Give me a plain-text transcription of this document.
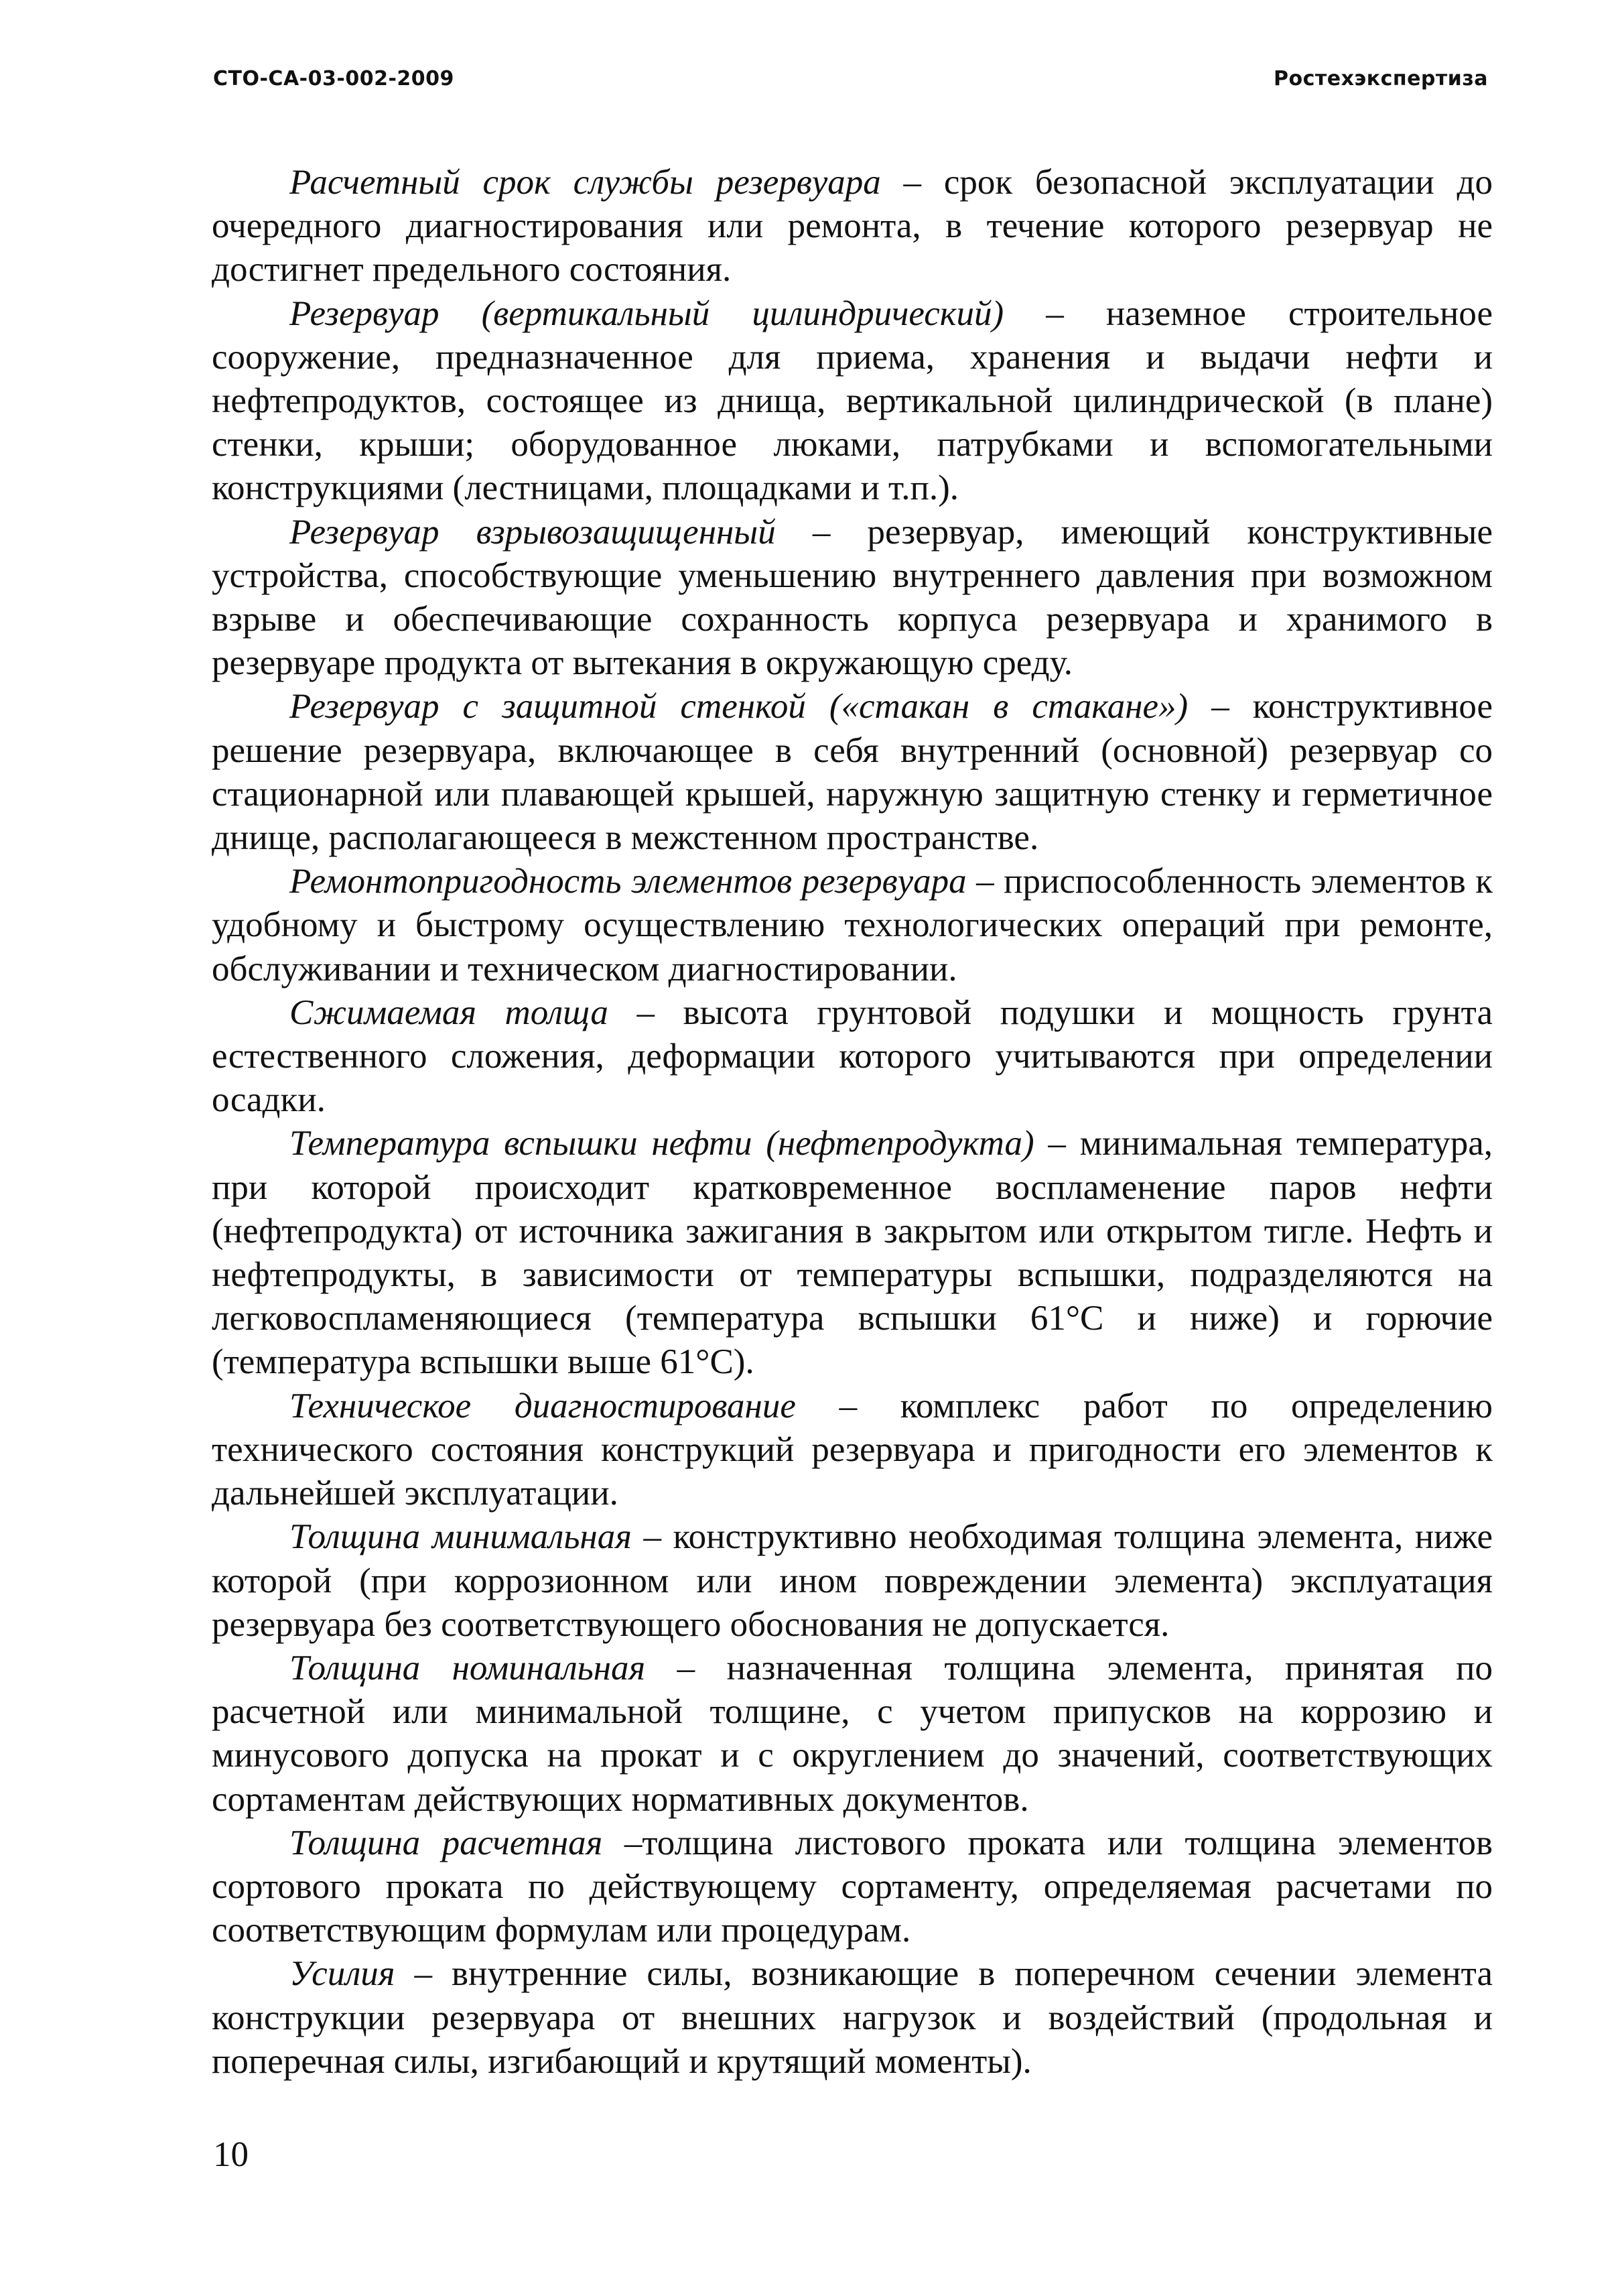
СТО-СА-03-002-2009	Ростехэкспертиза

Расчетный срок службы резервуара – срок безопасной эксплуатации до очередного диагностирования или ремонта, в течение которого резервуар не достигнет предельного состояния.

Резервуар (вертикальный цилиндрический) – наземное строительное сооружение, предназначенное для приема, хранения и выдачи нефти и нефтепродуктов, состоящее из днища, вертикальной цилиндрической (в плане) стенки, крыши; оборудованное люками, патрубками и вспомогательными конструкциями (лестницами, площадками и т.п.).

Резервуар взрывозащищенный – резервуар, имеющий конструктивные устройства, способствующие уменьшению внутреннего давления при возможном взрыве и обеспечивающие сохранность корпуса резервуара и хранимого в резервуаре продукта от вытекания в окружающую среду.

Резервуар с защитной стенкой («стакан в стакане») – конструктивное решение резервуара, включающее в себя внутренний (основной) резервуар со стационарной или плавающей крышей, наружную защитную стенку и герметичное днище, располагающееся в межстенном пространстве.

Ремонтопригодность элементов резервуара – приспособленность элементов к удобному и быстрому осуществлению технологических операций при ремонте, обслуживании и техническом диагностировании.

Сжимаемая толща – высота грунтовой подушки и мощность грунта естественного сложения, деформации которого учитываются при определении осадки.

Температура вспышки нефти (нефтепродукта) – минимальная температура, при которой происходит кратковременное воспламенение паров нефти (нефтепродукта) от источника зажигания в закрытом или открытом тигле. Нефть и нефтепродукты, в зависимости от температуры вспышки, подразделяются на легковоспламеняющиеся (температура вспышки 61°С и ниже) и горючие (температура вспышки выше 61°С).

Техническое диагностирование – комплекс работ по определению технического состояния конструкций резервуара и пригодности его элементов к дальнейшей эксплуатации.

Толщина минимальная – конструктивно необходимая толщина элемента, ниже которой (при коррозионном или ином повреждении элемента) эксплуатация резервуара без соответствующего обоснования не допускается.

Толщина номинальная – назначенная толщина элемента, принятая по расчетной или минимальной толщине, с учетом припусков на коррозию и минусового допуска на прокат и с округлением до значений, соответствующих сортаментам действующих нормативных документов.

Толщина расчетная –толщина листового проката или толщина элементов сортового проката по действующему сортаменту, определяемая расчетами по соответствующим формулам или процедурам.

Усилия – внутренние силы, возникающие в поперечном сечении элемента конструкции резервуара от внешних нагрузок и воздействий (продольная и поперечная силы, изгибающий и крутящий моменты).

10
